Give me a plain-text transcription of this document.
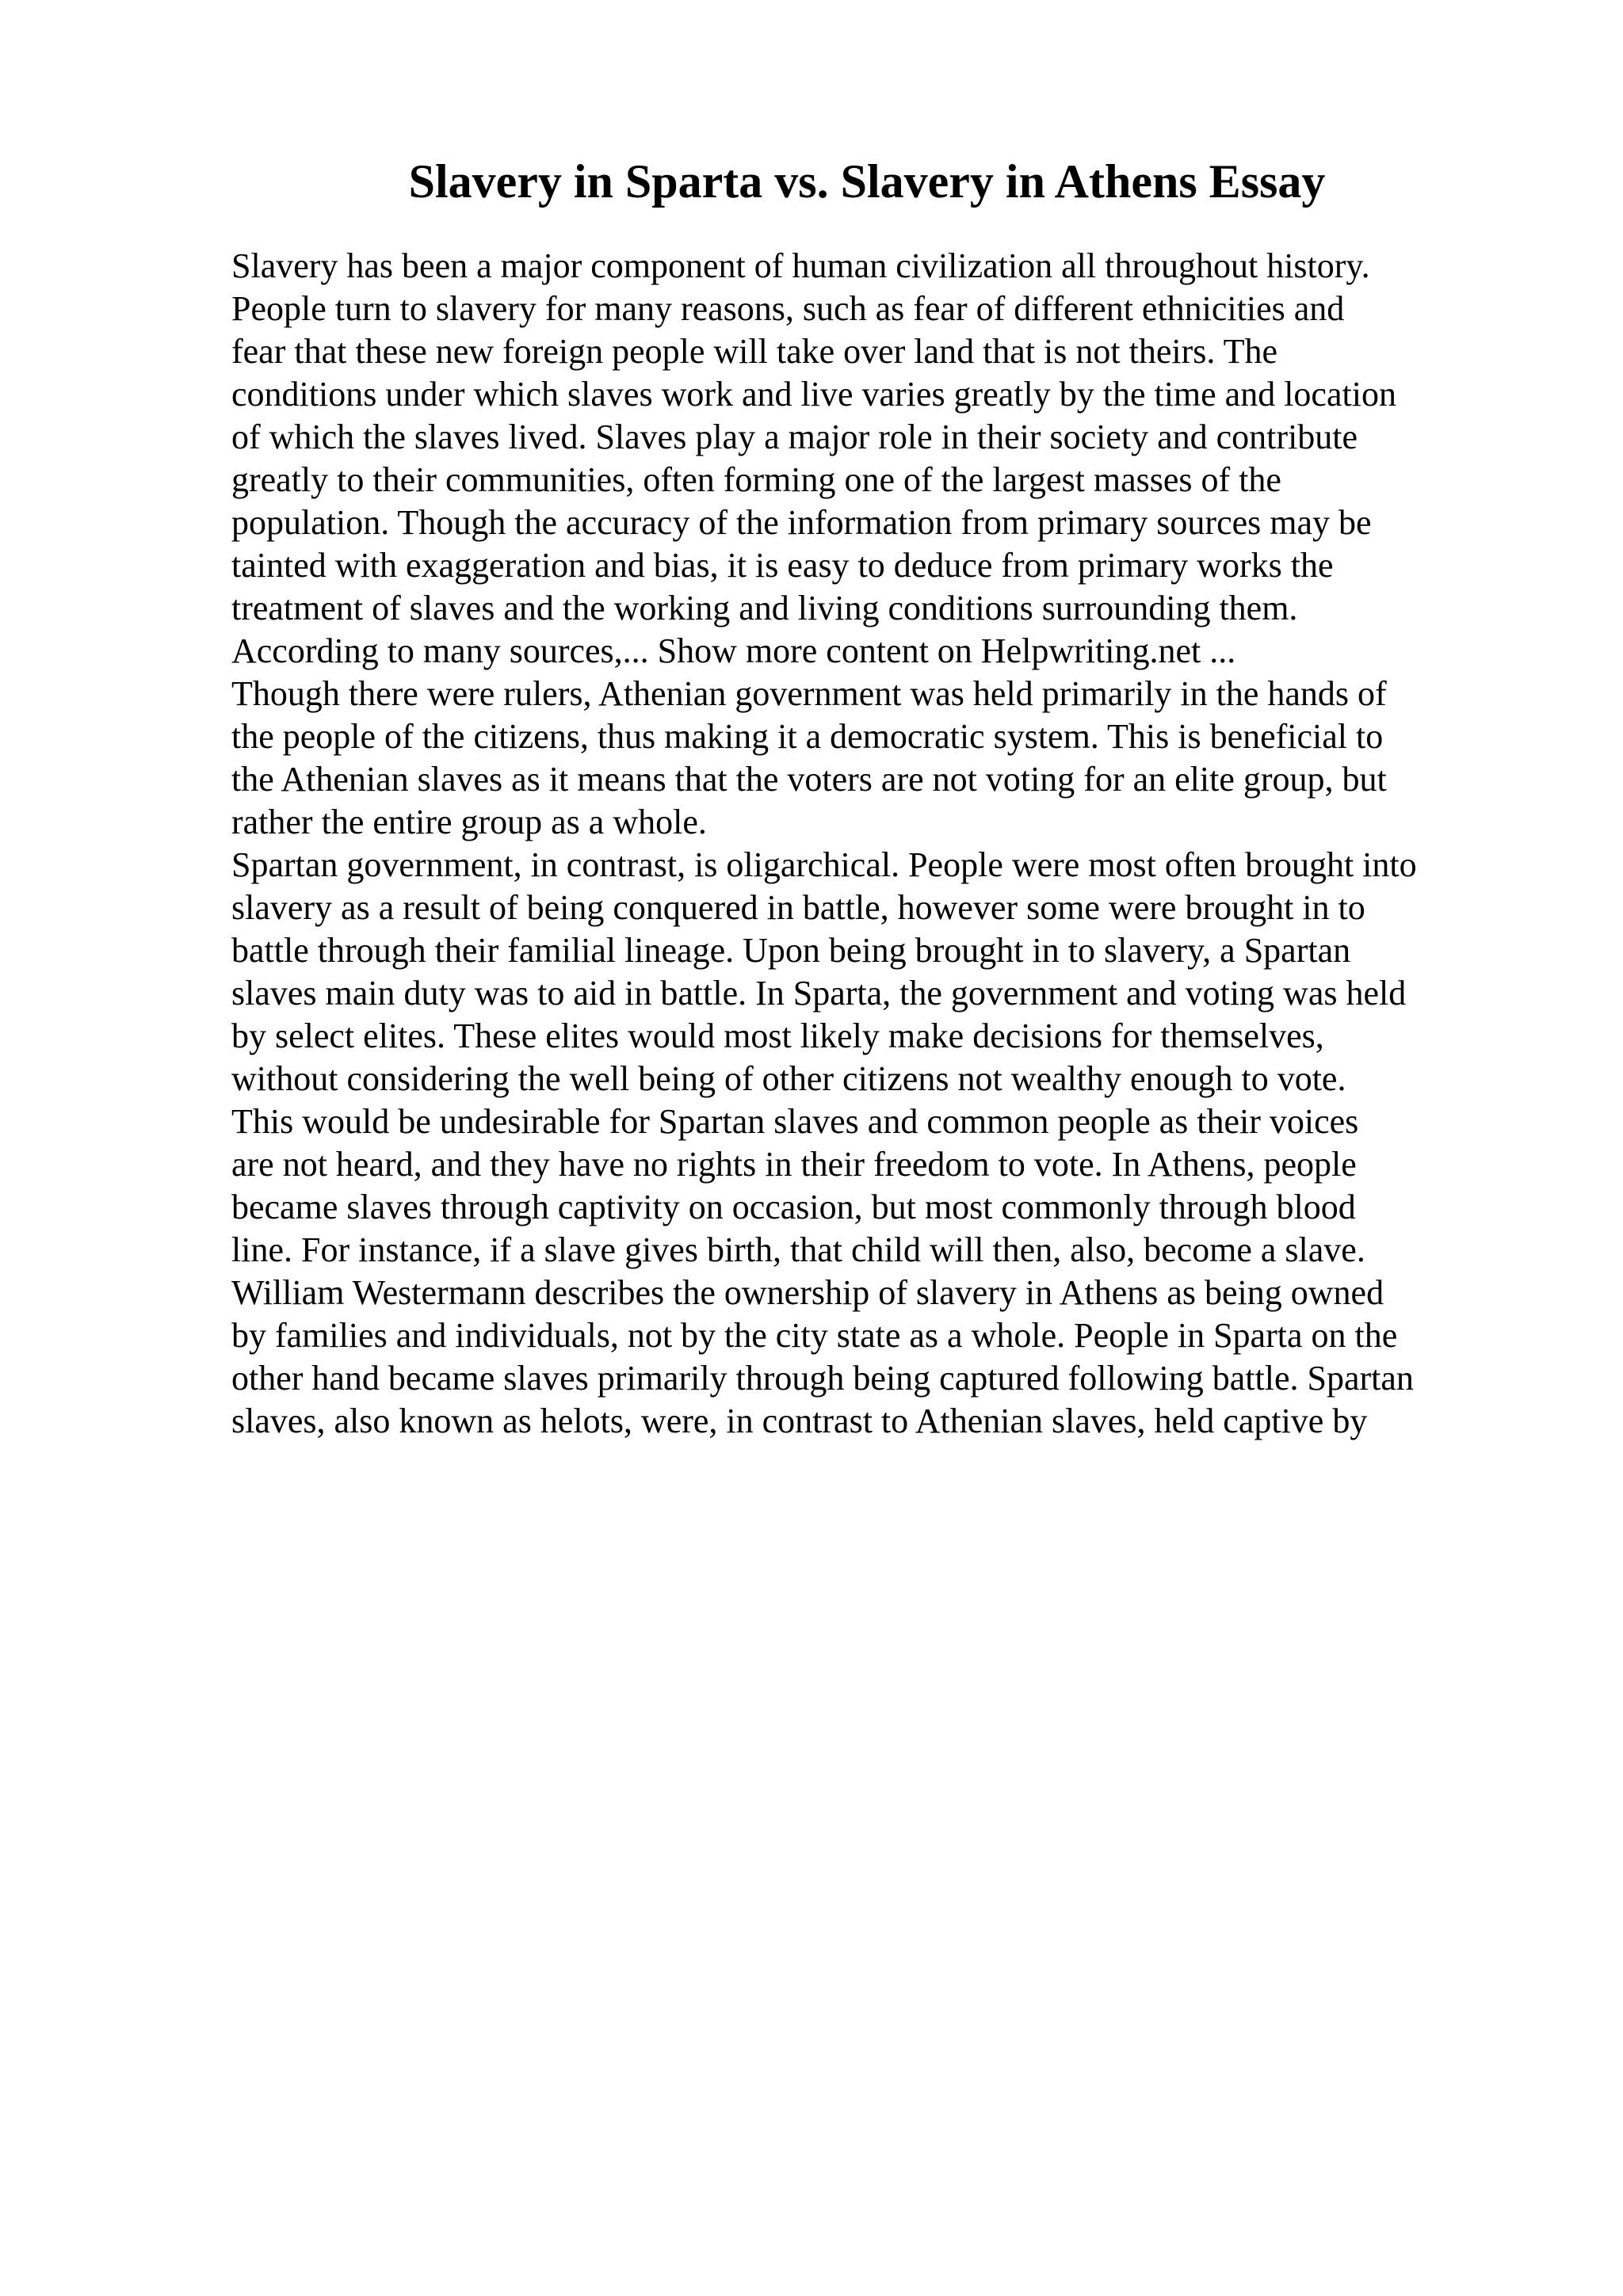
Slavery in Sparta vs. Slavery in Athens Essay
Slavery has been a major component of human civilization all throughout history.
People turn to slavery for many reasons, such as fear of different ethnicities and
fear that these new foreign people will take over land that is not theirs. The
conditions under which slaves work and live varies greatly by the time and location
of which the slaves lived. Slaves play a major role in their society and contribute
greatly to their communities, often forming one of the largest masses of the
population. Though the accuracy of the information from primary sources may be
tainted with exaggeration and bias, it is easy to deduce from primary works the
treatment of slaves and the working and living conditions surrounding them.
According to many sources,... Show more content on Helpwriting.net ...
Though there were rulers, Athenian government was held primarily in the hands of
the people of the citizens, thus making it a democratic system. This is beneficial to
the Athenian slaves as it means that the voters are not voting for an elite group, but
rather the entire group as a whole.
Spartan government, in contrast, is oligarchical. People were most often brought into
slavery as a result of being conquered in battle, however some were brought in to
battle through their familial lineage. Upon being brought in to slavery, a Spartan
slaves main duty was to aid in battle. In Sparta, the government and voting was held
by select elites. These elites would most likely make decisions for themselves,
without considering the well being of other citizens not wealthy enough to vote.
This would be undesirable for Spartan slaves and common people as their voices
are not heard, and they have no rights in their freedom to vote. In Athens, people
became slaves through captivity on occasion, but most commonly through blood
line. For instance, if a slave gives birth, that child will then, also, become a slave.
William Westermann describes the ownership of slavery in Athens as being owned
by families and individuals, not by the city state as a whole. People in Sparta on the
other hand became slaves primarily through being captured following battle. Spartan
slaves, also known as helots, were, in contrast to Athenian slaves, held captive by
